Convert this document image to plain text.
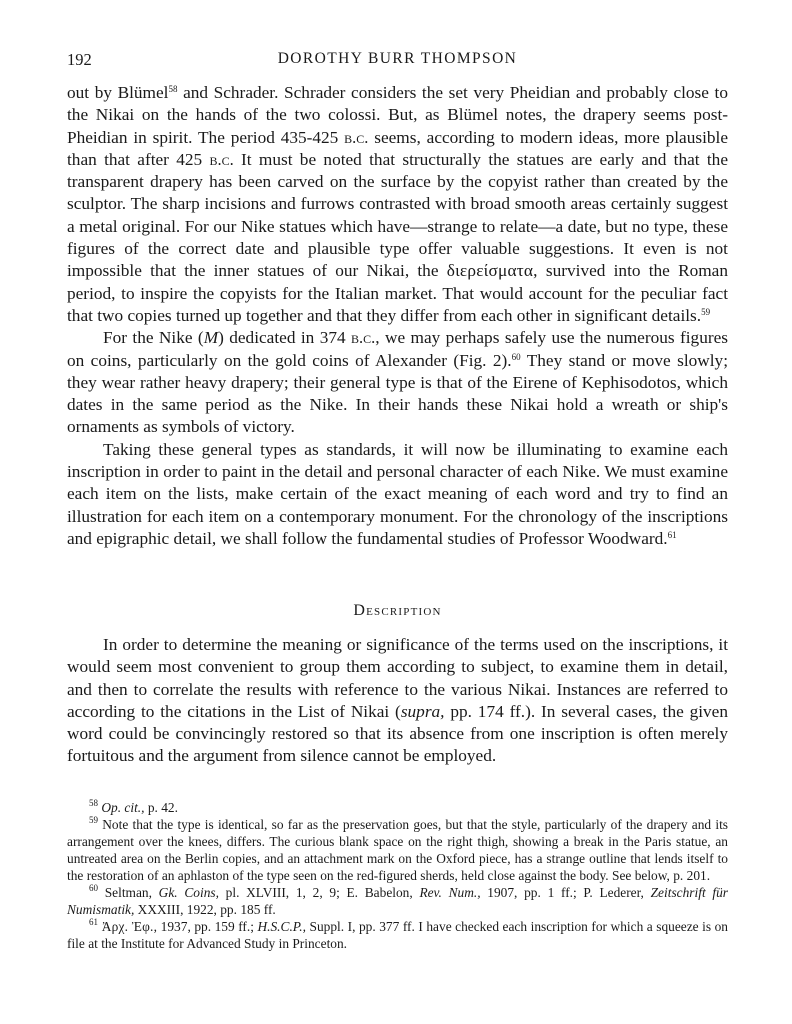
192	DOROTHY BURR THOMPSON

out by Blümel$^{58}$ and Schrader. Schrader considers the set very Pheidian and probably close to the Nikai on the hands of the two colossi. But, as Blümel notes, the drapery seems post-Pheidian in spirit. The period 435-425 b.c. seems, according to modern ideas, more plausible than that after 425 b.c. It must be noted that structurally the statues are early and that the transparent drapery has been carved on the surface by the copyist rather than created by the sculptor. The sharp incisions and furrows contrasted with broad smooth areas certainly suggest a metal original. For our Nike statues which have—strange to relate—a date, but no type, these figures of the correct date and plausible type offer valuable suggestions. It even is not impossible that the inner statues of our Nikai, the διερείσματα, survived into the Roman period, to inspire the copyists for the Italian market. That would account for the peculiar fact that two copies turned up together and that they differ from each other in significant details.$^{59}$

For the Nike (M) dedicated in 374 b.c., we may perhaps safely use the numerous figures on coins, particularly on the gold coins of Alexander (Fig. 2).$^{60}$ They stand or move slowly; they wear rather heavy drapery; their general type is that of the Eirene of Kephisodotos, which dates in the same period as the Nike. In their hands these Nikai hold a wreath or ship's ornaments as symbols of victory.

Taking these general types as standards, it will now be illuminating to examine each inscription in order to paint in the detail and personal character of each Nike. We must examine each item on the lists, make certain of the exact meaning of each word and try to find an illustration for each item on a contemporary monument. For the chronology of the inscriptions and epigraphic detail, we shall follow the fundamental studies of Professor Woodward.$^{61}$

Description

In order to determine the meaning or significance of the terms used on the inscriptions, it would seem most convenient to group them according to subject, to examine them in detail, and then to correlate the results with reference to the various Nikai. Instances are referred to according to the citations in the List of Nikai (supra, pp. 174 ff.). In several cases, the given word could be convincingly restored so that its absence from one inscription is often merely fortuitous and the argument from silence cannot be employed.

$^{58}$ Op. cit., p. 42.

$^{59}$ Note that the type is identical, so far as the preservation goes, but that the style, particularly of the drapery and its arrangement over the knees, differs. The curious blank space on the right thigh, showing a break in the Paris statue, an untreated area on the Berlin copies, and an attachment mark on the Oxford piece, has a strange outline that lends itself to the restoration of an aphlaston of the type seen on the red-figured sherds, held close against the body. See below, p. 201.

$^{60}$ Seltman, Gk. Coins, pl. XLVIII, 1, 2, 9; E. Babelon, Rev. Num., 1907, pp. 1 ff.; P. Lederer, Zeitschrift für Numismatik, XXXIII, 1922, pp. 185 ff.

$^{61}$ Ἀρχ. Ἐφ., 1937, pp. 159 ff.; H.S.C.P., Suppl. I, pp. 377 ff. I have checked each inscription for which a squeeze is on file at the Institute for Advanced Study in Princeton.
